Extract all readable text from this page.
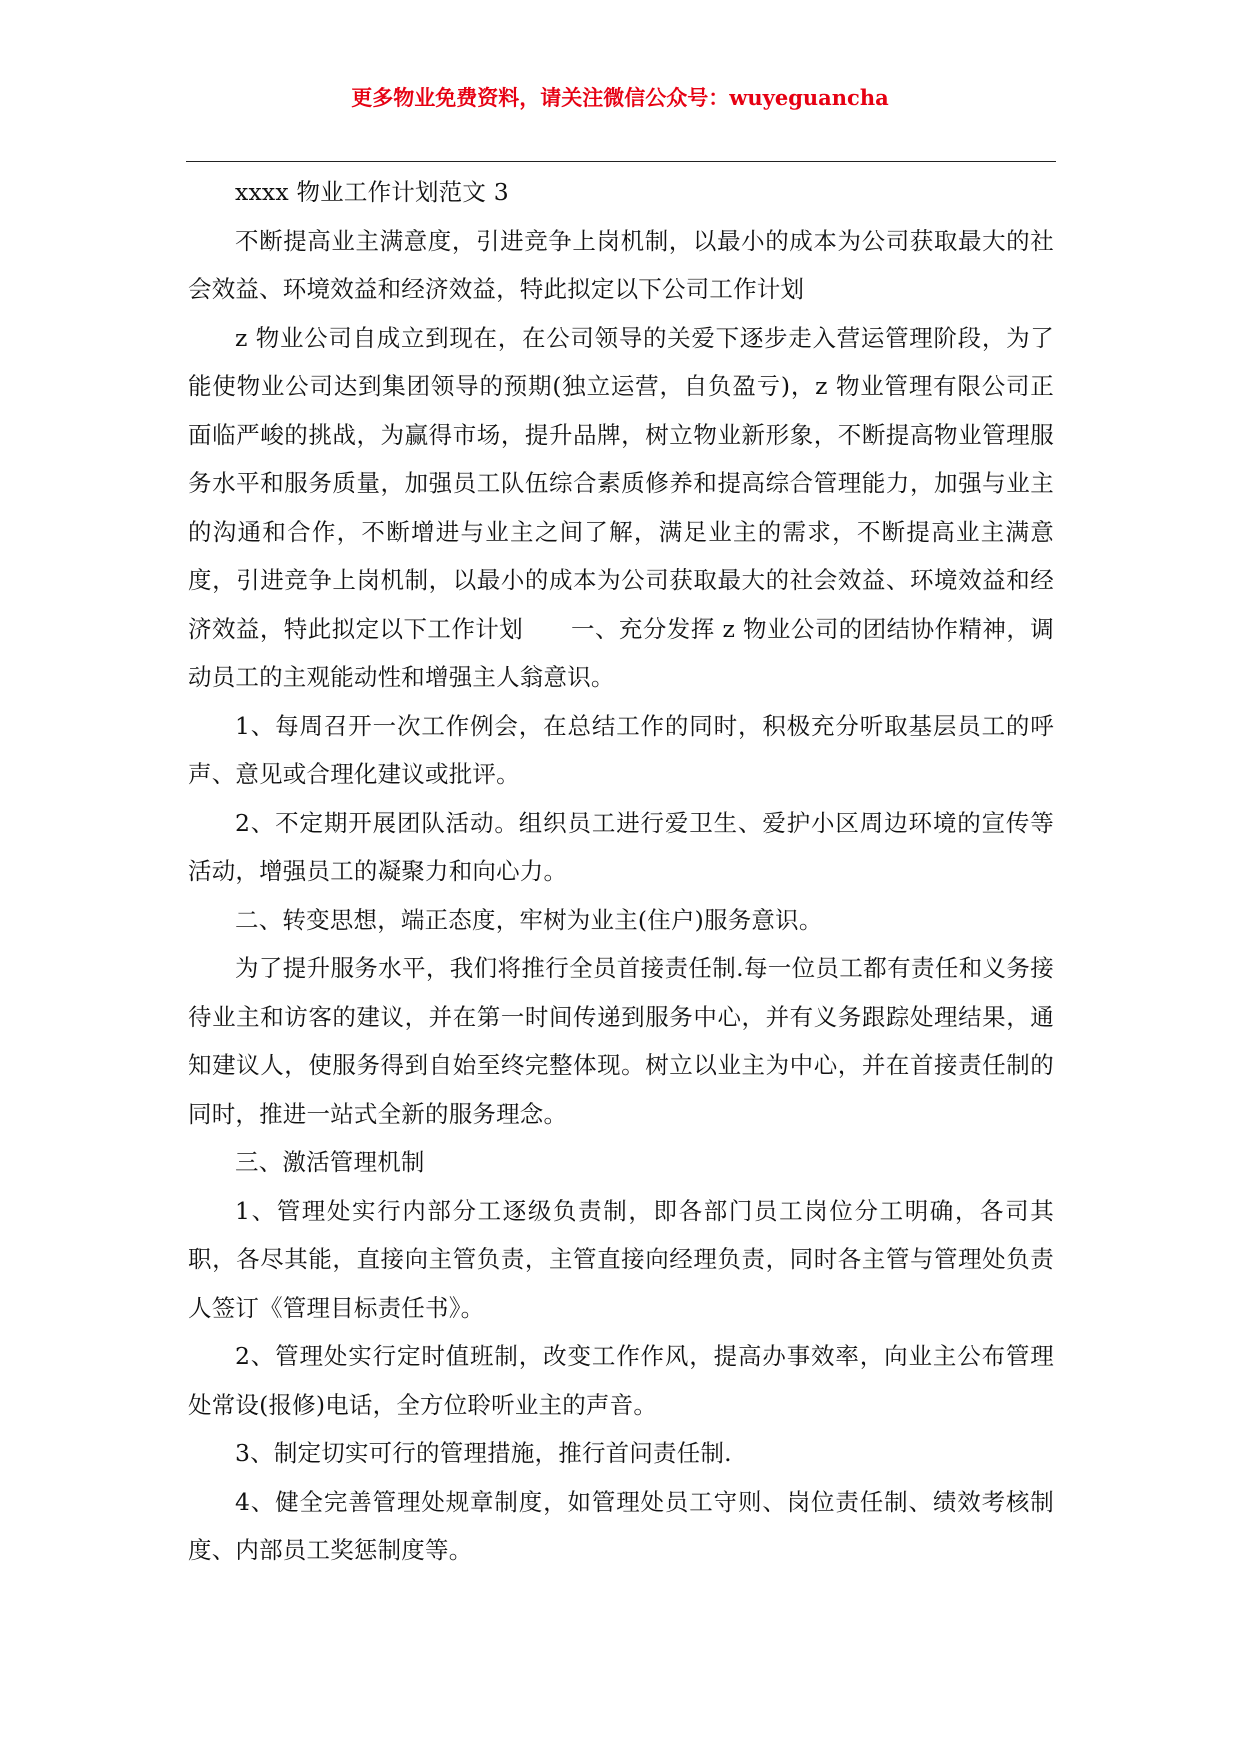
更多物业免费资料，请关注微信公众号：wuyeguancha

xxxx 物业工作计划范文 3

不断提高业主满意度，引进竞争上岗机制，以最小的成本为公司获取最大的社会效益、环境效益和经济效益，特此拟定以下公司工作计划

z 物业公司自成立到现在，在公司领导的关爱下逐步走入营运管理阶段，为了能使物业公司达到集团领导的预期(独立运营，自负盈亏)，z 物业管理有限公司正面临严峻的挑战，为赢得市场，提升品牌，树立物业新形象，不断提高物业管理服务水平和服务质量，加强员工队伍综合素质修养和提高综合管理能力，加强与业主的沟通和合作，不断增进与业主之间了解，满足业主的需求，不断提高业主满意度，引进竞争上岗机制，以最小的成本为公司获取最大的社会效益、环境效益和经济效益，特此拟定以下工作计划　　一、充分发挥 z 物业公司的团结协作精神，调动员工的主观能动性和增强主人翁意识。

1、每周召开一次工作例会，在总结工作的同时，积极充分听取基层员工的呼声、意见或合理化建议或批评。

2、不定期开展团队活动。组织员工进行爱卫生、爱护小区周边环境的宣传等活动，增强员工的凝聚力和向心力。

二、转变思想，端正态度，牢树为业主(住户)服务意识。

为了提升服务水平，我们将推行全员首接责任制.每一位员工都有责任和义务接待业主和访客的建议，并在第一时间传递到服务中心，并有义务跟踪处理结果，通知建议人，使服务得到自始至终完整体现。树立以业主为中心，并在首接责任制的同时，推进一站式全新的服务理念。

三、激活管理机制

1、管理处实行内部分工逐级负责制，即各部门员工岗位分工明确，各司其职，各尽其能，直接向主管负责，主管直接向经理负责，同时各主管与管理处负责人签订《管理目标责任书》。

2、管理处实行定时值班制，改变工作作风，提高办事效率，向业主公布管理处常设(报修)电话，全方位聆听业主的声音。

3、制定切实可行的管理措施，推行首问责任制.

4、健全完善管理处规章制度，如管理处员工守则、岗位责任制、绩效考核制度、内部员工奖惩制度等。
